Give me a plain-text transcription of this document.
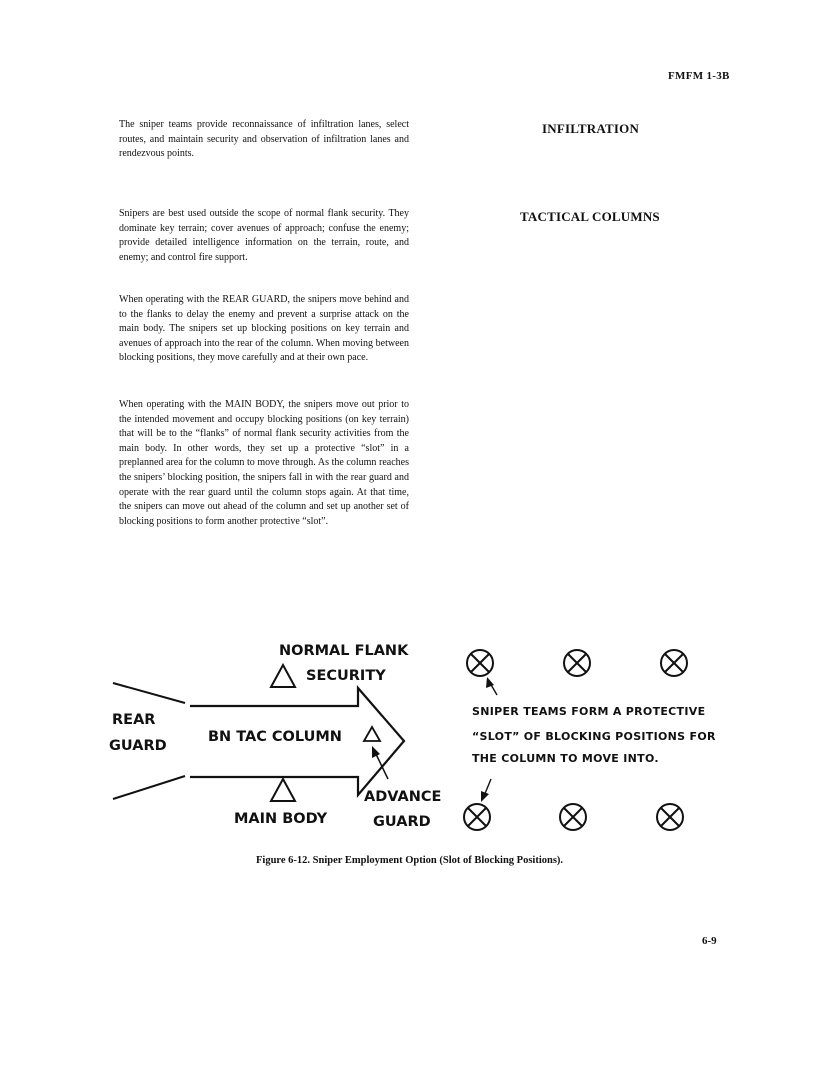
FMFM 1-3B
The sniper teams provide reconnaissance of infiltration lanes, select routes, and maintain security and observation of infiltration lanes and rendezvous points.
INFILTRATION
Snipers are best used outside the scope of normal flank security. They dominate key terrain; cover avenues of approach; confuse the enemy; provide detailed intelligence information on the terrain, route, and enemy; and control fire support.
TACTICAL COLUMNS
When operating with the REAR GUARD, the snipers move behind and to the flanks to delay the enemy and prevent a surprise attack on the main body. The snipers set up blocking positions on key terrain and avenues of approach into the rear of the column. When moving between blocking positions, they move carefully and at their own pace.
When operating with the MAIN BODY, the snipers move out prior to the intended movement and occupy blocking positions (on key terrain) that will be to the “flanks” of normal flank security activities from the main body. In other words, they set up a protective “slot” in a preplanned area for the column to move through. As the column reaches the snipers’ blocking position, the snipers fall in with the rear guard and operate with the rear guard until the column stops again. At that time, the snipers can move out ahead of the column and set up another set of blocking positions to form another protective “slot”.
NORMAL FLANK
SECURITY
REAR
GUARD
BN TAC COLUMN
MAIN BODY
ADVANCE
GUARD
SNIPER TEAMS FORM A PROTECTIVE
“SLOT” OF BLOCKING POSITIONS FOR
THE COLUMN TO MOVE INTO.
Figure 6-12. Sniper Employment Option (Slot of Blocking Positions).
6-9
